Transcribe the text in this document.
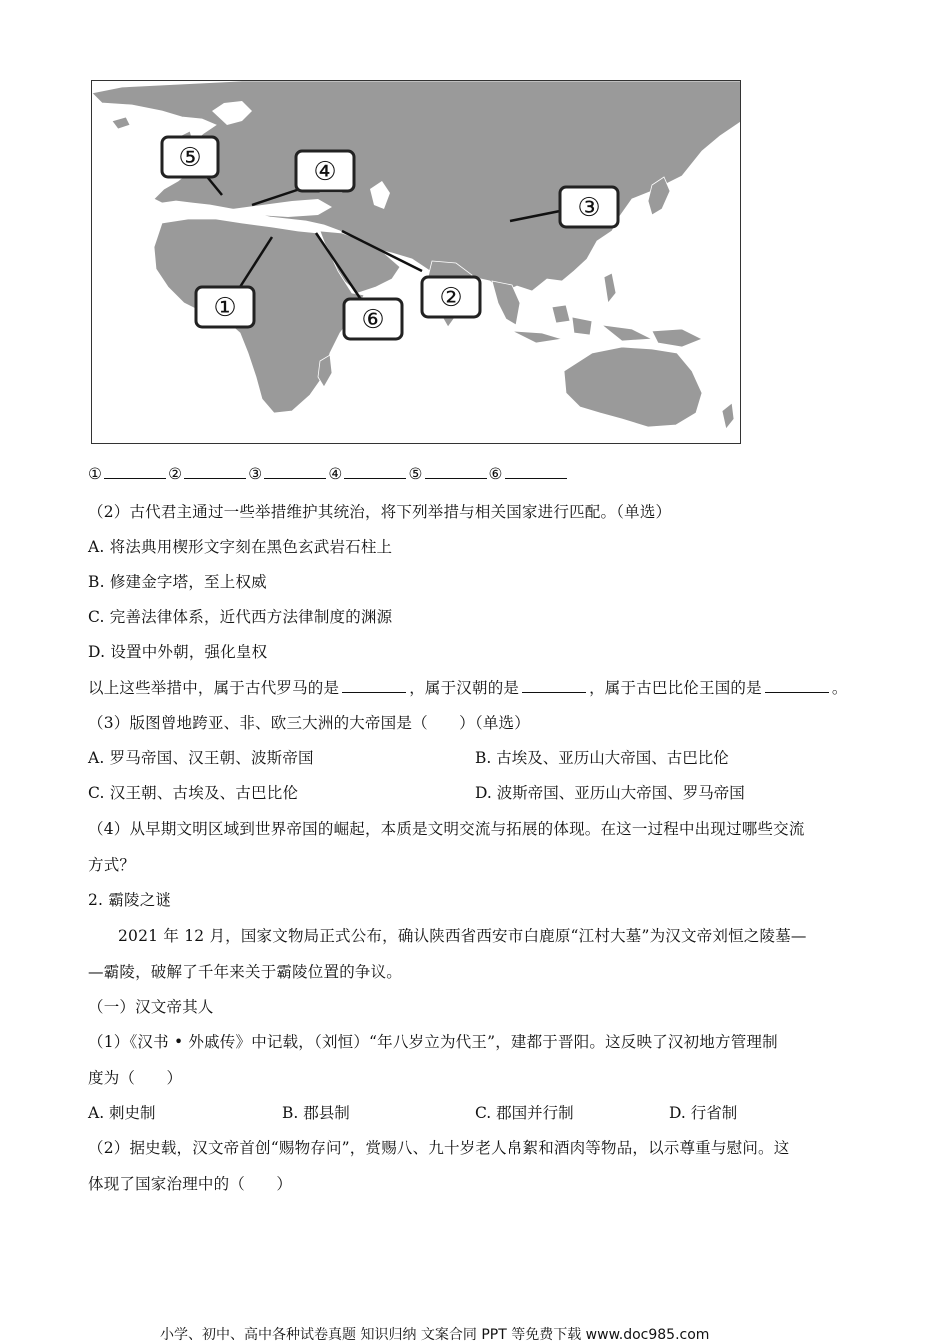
⑤	④
③
②
⑥
①
①	②	③	④	⑤	⑥
（2）古代君主通过一些举措维护其统治，将下列举措与相关国家进行匹配。（单选）
A. 将法典用楔形文字刻在黑色玄武岩石柱上
B. 修建金字塔，至上权威
C. 完善法律体系，近代西方法律制度的渊源
D. 设置中外朝，强化皇权
以上这些举措中，属于古代罗马的是	，属于汉朝的是	，属于古巴比伦王国的是	。
（3）版图曾地跨亚、非、欧三大洲的大帝国是（　　）（单选）
A. 罗马帝国、汉王朝、波斯帝国	B. 古埃及、亚历山大帝国、古巴比伦
C. 汉王朝、古埃及、古巴比伦	D. 波斯帝国、亚历山大帝国、罗马帝国
（4）从早期文明区域到世界帝国的崛起，本质是文明交流与拓展的体现。在这一过程中出现过哪些交流
方式？
2. 霸陵之谜
2021 年 12 月，国家文物局正式公布，确认陕西省西安市白鹿原“江村大墓”为汉文帝刘恒之陵墓—
—霸陵，破解了千年来关于霸陵位置的争议。
（一）汉文帝其人
（1）《汉书 • 外戚传》中记载，（刘恒）“年八岁立为代王”，建都于晋阳。这反映了汉初地方管理制
度为（　　）
A. 刺史制	B. 郡县制	C. 郡国并行制	D. 行省制
（2）据史载，汉文帝首创“赐物存问”，赏赐八、九十岁老人帛絮和酒肉等物品，以示尊重与慰问。这
体现了国家治理中的（　　）
小学、初中、高中各种试卷真题 知识归纳 文案合同 PPT 等免费下载 www.doc985.com
